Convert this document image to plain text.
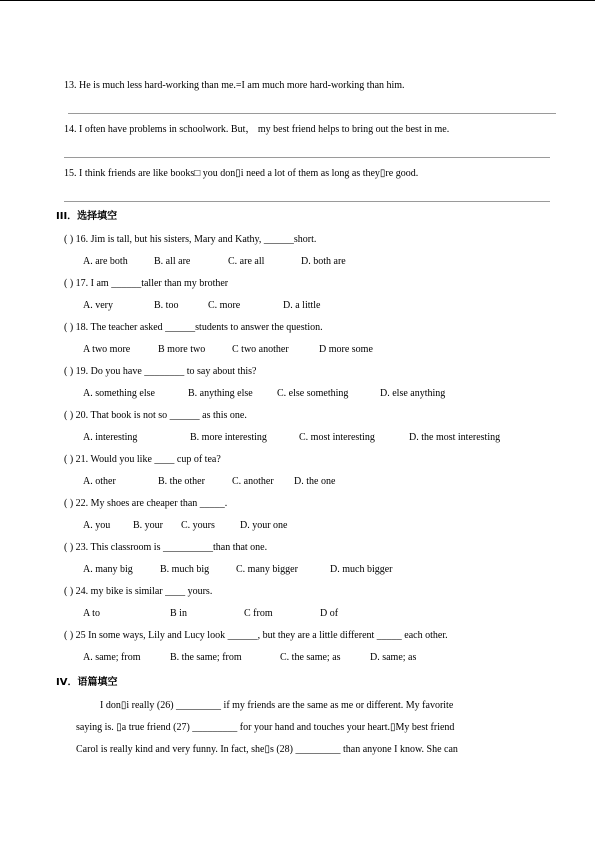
13. He is much less hard-working than me.=I am much more hard-working than him.
14. I often have problems in schoolwork. But， my best friend helps to bring out the best in me.
15. I think friends are like books□ you don▯i need a lot of them as long as they▯re good.
III．选择填空
( ) 16. Jim is tall, but his sisters, Mary and Kathy, ______short.
A. are both	B. all are	C. are all	D. both are
( ) 17. I am ______taller than my brother
A. very	B. too	C. more	D. a little
( ) 18. The teacher asked ______students to answer the question.
A two more	B more two	C two another	D more some
( ) 19. Do you have ________ to say about this?
A. something else	B. anything else C. else something	D. else anything
( ) 20. That book is not so ______ as this one.
A. interesting	B. more interesting	C. most interesting	D. the most interesting
( ) 21. Would you like ____ cup of tea?
A. other	B. the other	C. another D. the one
( ) 22. My shoes are cheaper than _____.
A. you B. your C. yours	D. your one
( ) 23. This classroom is __________than that one.
A. many big	B. much big	C. many bigger	D. much bigger
( ) 24. my bike is similar ____ yours.
A to	B in	C from	D of
( ) 25 In some ways, Lily and Lucy look ______, but they are a little different _____ each other.
A. same; from	B. the same; from	C. the same; as	D. same; as
IV．语篇填空
I don▯i really (26) _________ if my friends are the same as me or different. My favorite
saying is. ▯a true friend (27) _________ for your hand and touches your heart.▯My best friend
Carol is really kind and very funny. In fact, she▯s (28) _________ than anyone I know. She can
